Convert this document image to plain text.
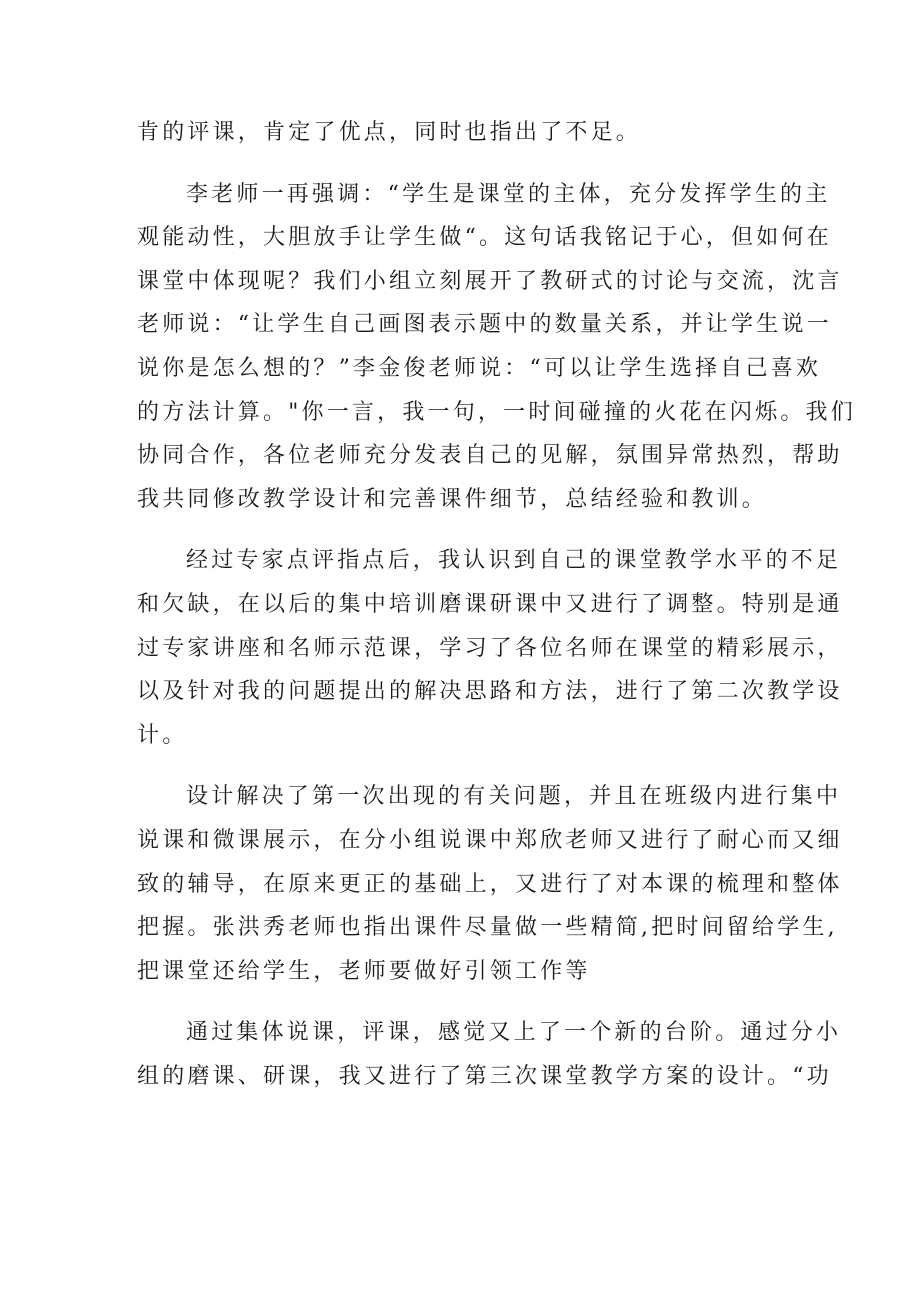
肯的评课，肯定了优点，同时也指出了不足。
李老师一再强调：“学生是课堂的主体，充分发挥学生的主
观能动性，大胆放手让学生做“。这句话我铭记于心，但如何在
课堂中体现呢？我们小组立刻展开了教研式的讨论与交流，沈言
老师说：“让学生自己画图表示题中的数量关系，并让学生说一
说你是怎么想的？”李金俊老师说：“可以让学生选择自己喜欢
的方法计算。"你一言，我一句，一时间碰撞的火花在闪烁。我们
协同合作，各位老师充分发表自己的见解，氛围异常热烈，帮助
我共同修改教学设计和完善课件细节，总结经验和教训。
经过专家点评指点后，我认识到自己的课堂教学水平的不足
和欠缺，在以后的集中培训磨课研课中又进行了调整。特别是通
过专家讲座和名师示范课，学习了各位名师在课堂的精彩展示，
以及针对我的问题提出的解决思路和方法，进行了第二次教学设
计。
设计解决了第一次出现的有关问题，并且在班级内进行集中
说课和微课展示，在分小组说课中郑欣老师又进行了耐心而又细
致的辅导，在原来更正的基础上，又进行了对本课的梳理和整体
把握。张洪秀老师也指出课件尽量做一些精简,把时间留给学生,
把课堂还给学生，老师要做好引领工作等
通过集体说课，评课，感觉又上了一个新的台阶。通过分小
组的磨课、研课，我又进行了第三次课堂教学方案的设计。“功
